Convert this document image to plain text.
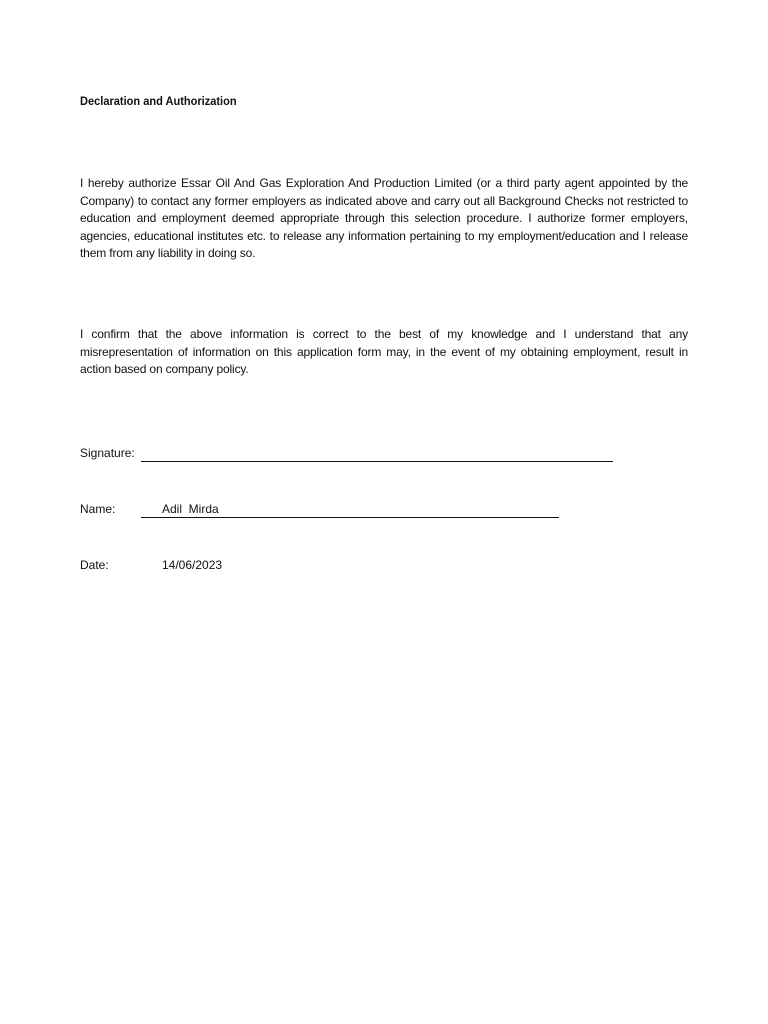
Declaration and Authorization
I hereby authorize Essar Oil And Gas Exploration And Production Limited (or a third party agent appointed by the Company) to contact any former employers as indicated above and carry out all Background Checks not restricted to education and employment deemed appropriate through this selection procedure. I authorize former employers, agencies, educational institutes etc. to release any information pertaining to my employment/education and I release them from any liability in doing so.
I confirm that the above information is correct to the best of my knowledge and I understand that any misrepresentation of information on this application form may, in the event of my obtaining employment, result in action based on company policy.
Signature:
Name:	Adil  Mirda
Date:	14/06/2023
